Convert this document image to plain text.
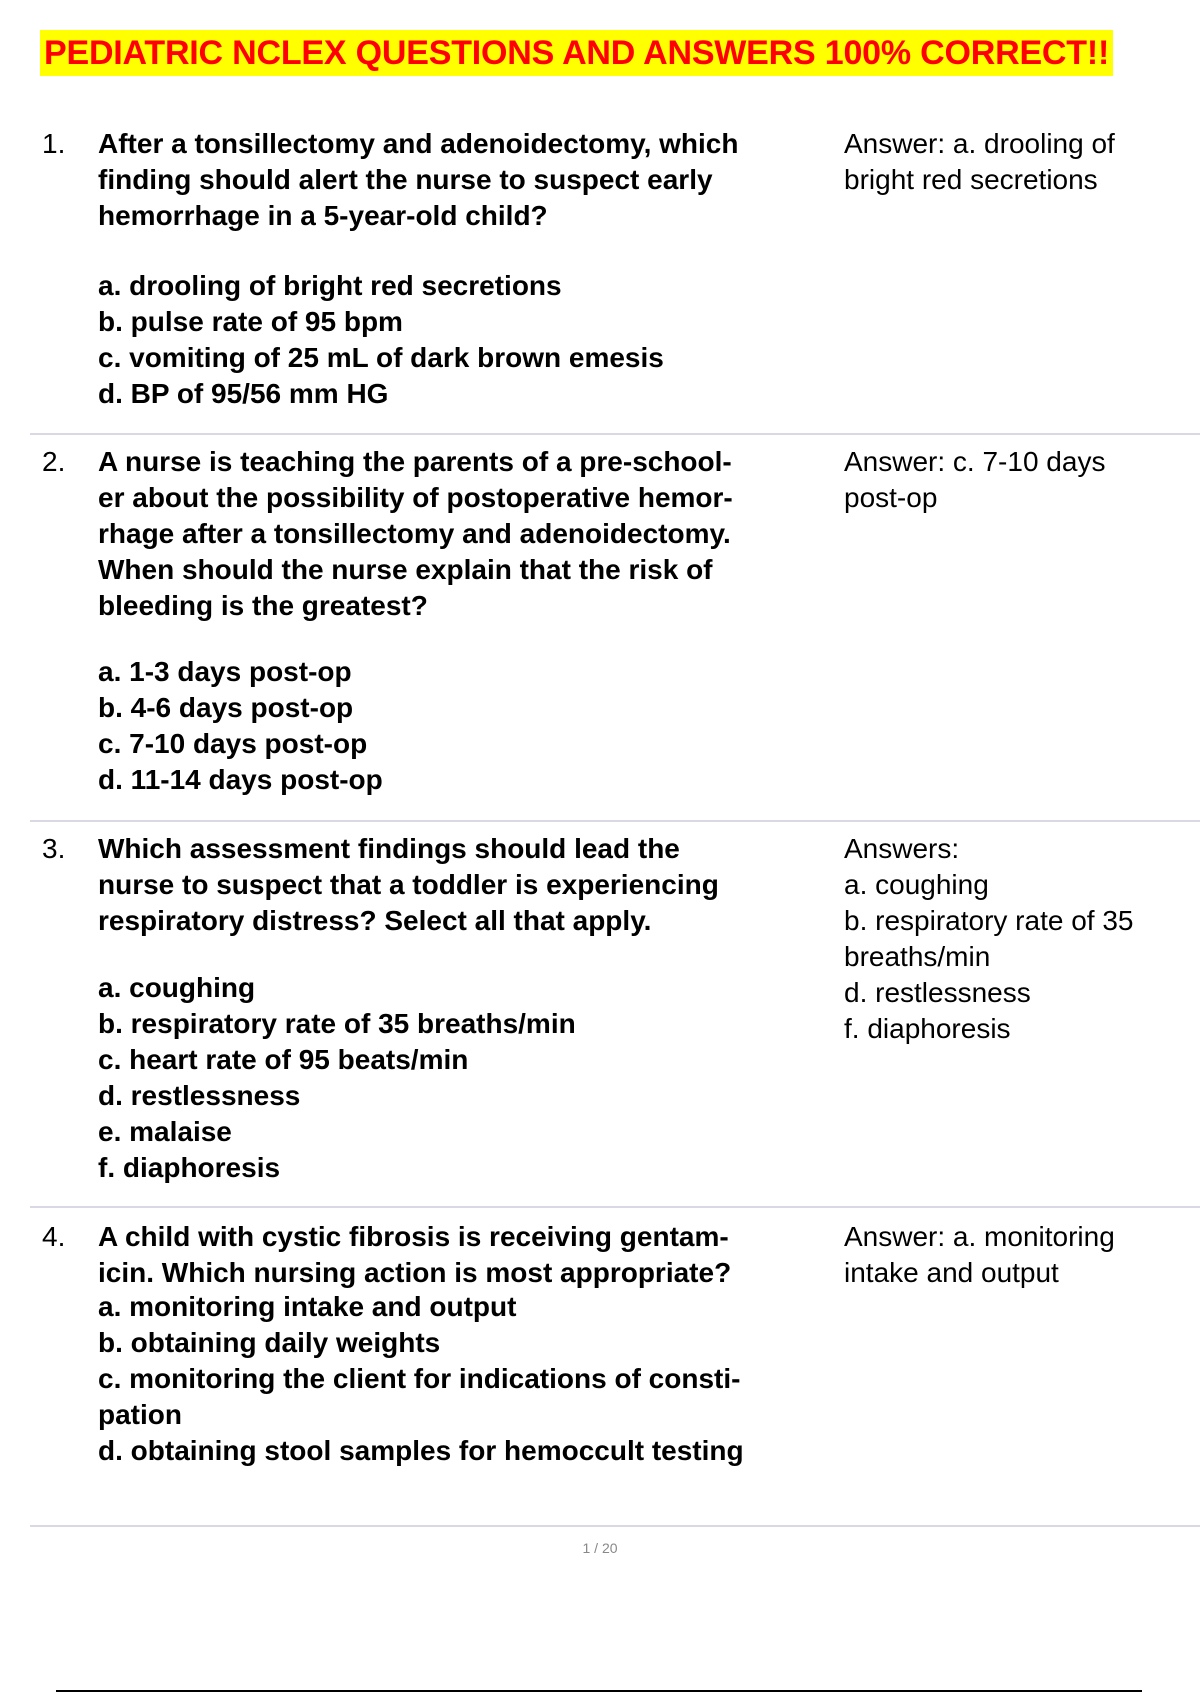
PEDIATRIC NCLEX QUESTIONS AND ANSWERS 100% CORRECT!!
1. After a tonsillectomy and adenoidectomy, which
finding should alert the nurse to suspect early
hemorrhage in a 5-year-old child?
Answer: a. drooling of
bright red secretions
a. drooling of bright red secretions
b. pulse rate of 95 bpm
c. vomiting of 25 mL of dark brown emesis
d. BP of 95/56 mm HG
2. A nurse is teaching the parents of a pre-school-
er about the possibility of postoperative hemor-
rhage after a tonsillectomy and adenoidectomy.
When should the nurse explain that the risk of
bleeding is the greatest?
Answer: c. 7-10 days
post-op
a. 1-3 days post-op
b. 4-6 days post-op
c. 7-10 days post-op
d. 11-14 days post-op
3. Which assessment findings should lead the
nurse to suspect that a toddler is experiencing
respiratory distress? Select all that apply.
Answers:
a. coughing
b. respiratory rate of 35
breaths/min
d. restlessness
f. diaphoresis
a. coughing
b. respiratory rate of 35 breaths/min
c. heart rate of 95 beats/min
d. restlessness
e. malaise
f. diaphoresis
4. A child with cystic fibrosis is receiving gentam-
icin. Which nursing action is most appropriate?
Answer: a. monitoring
intake and output
a. monitoring intake and output
b. obtaining daily weights
c. monitoring the client for indications of consti-
pation
d. obtaining stool samples for hemoccult testing
1 / 20
